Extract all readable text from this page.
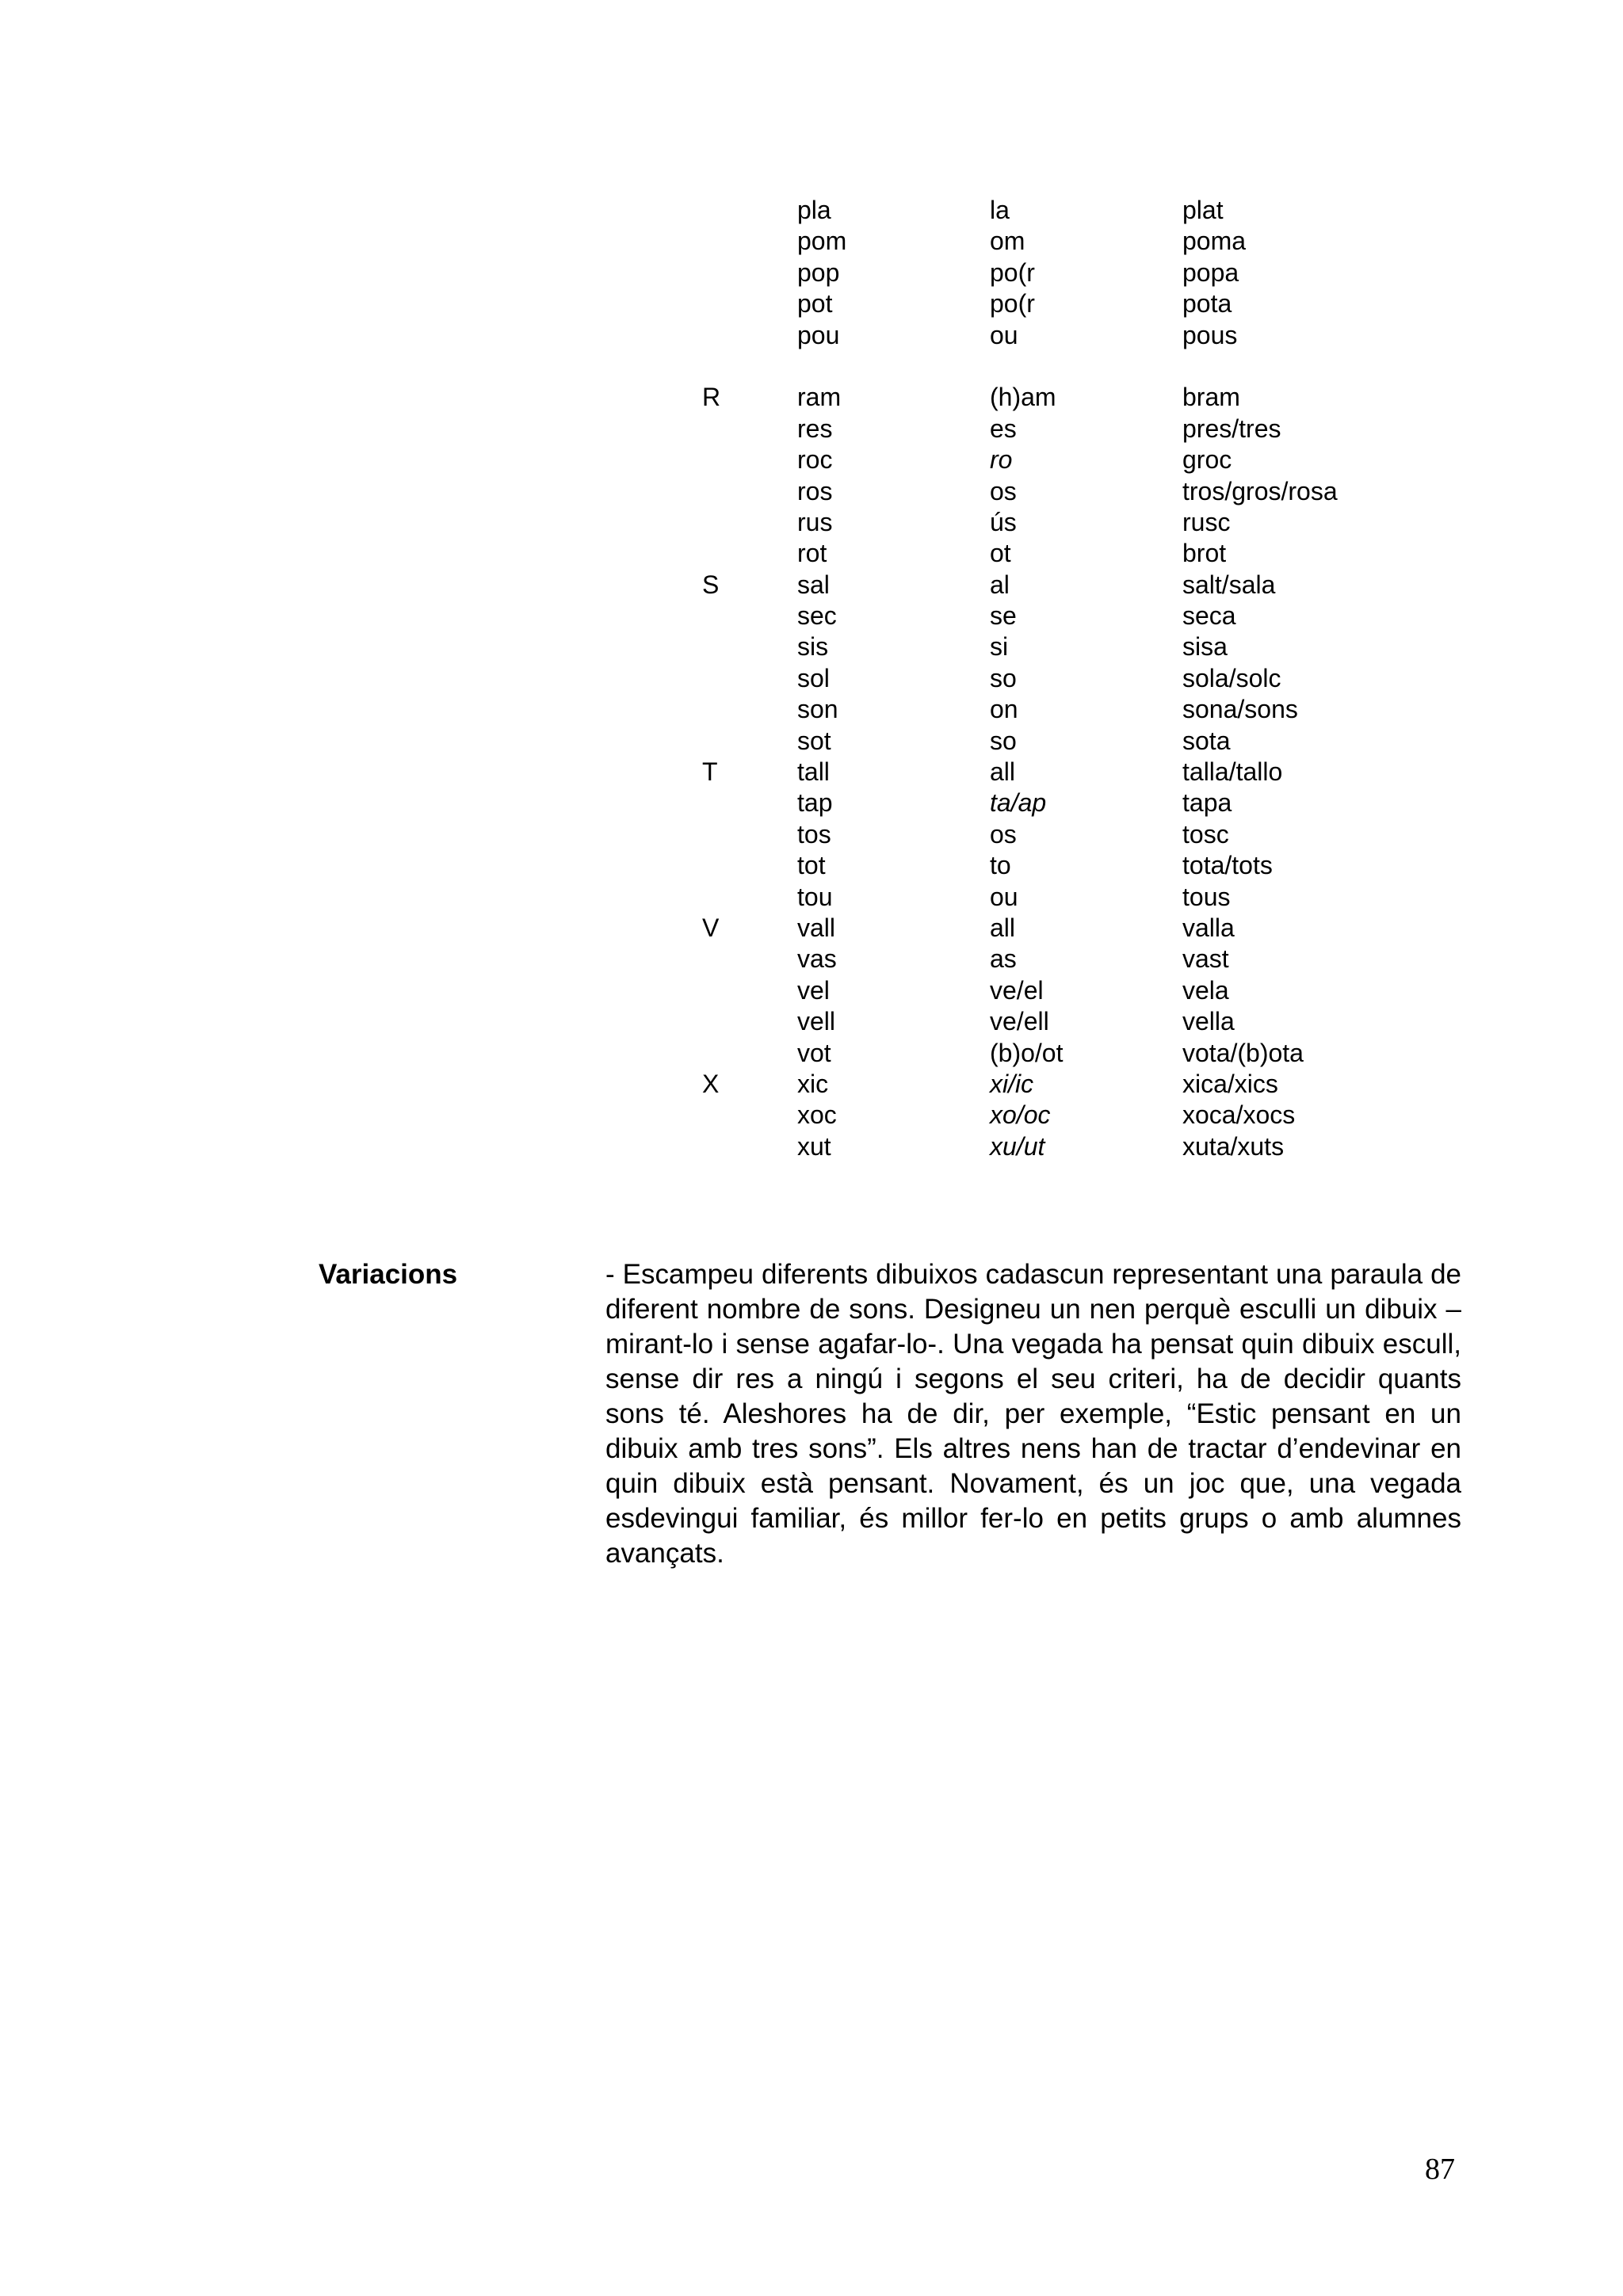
pla	la	plat
pom	om	poma
pop	po(r	popa
pot	po(r	pota
pou	ou	pous
R	ram	(h)am	bram
res	es	pres/tres
roc	ro	groc
ros	os	tros/gros/rosa
rus	ús	rusc
rot	ot	brot
S	sal	al	salt/sala
sec	se	seca
sis	si	sisa
sol	so	sola/solc
son	on	sona/sons
sot	so	sota
T	tall	all	talla/tallo
tap	ta/ap	tapa
tos	os	tosc
tot	to	tota/tots
tou	ou	tous
V	vall	all	valla
vas	as	vast
vel	ve/el	vela
vell	ve/ell	vella
vot	(b)o/ot	vota/(b)ota
X	xic	xi/ic	xica/xics
xoc	xo/oc	xoca/xocs
xut	xu/ut	xuta/xuts
Variacions	- Escampeu diferents dibuixos cadascun representant una paraula de diferent nombre de sons. Designeu un nen perquè esculli un dibuix –mirant-lo i sense agafar-lo-. Una vegada ha pensat quin dibuix escull, sense dir res a ningú i segons el seu criteri, ha de decidir quants sons té. Aleshores ha de dir, per exemple, “Estic pensant en un dibuix amb tres sons”. Els altres nens han de tractar d’endevinar en quin dibuix està pensant. Novament, és un joc que, una vegada esdevingui familiar, és millor fer-lo en petits grups o amb alumnes avançats.
87
